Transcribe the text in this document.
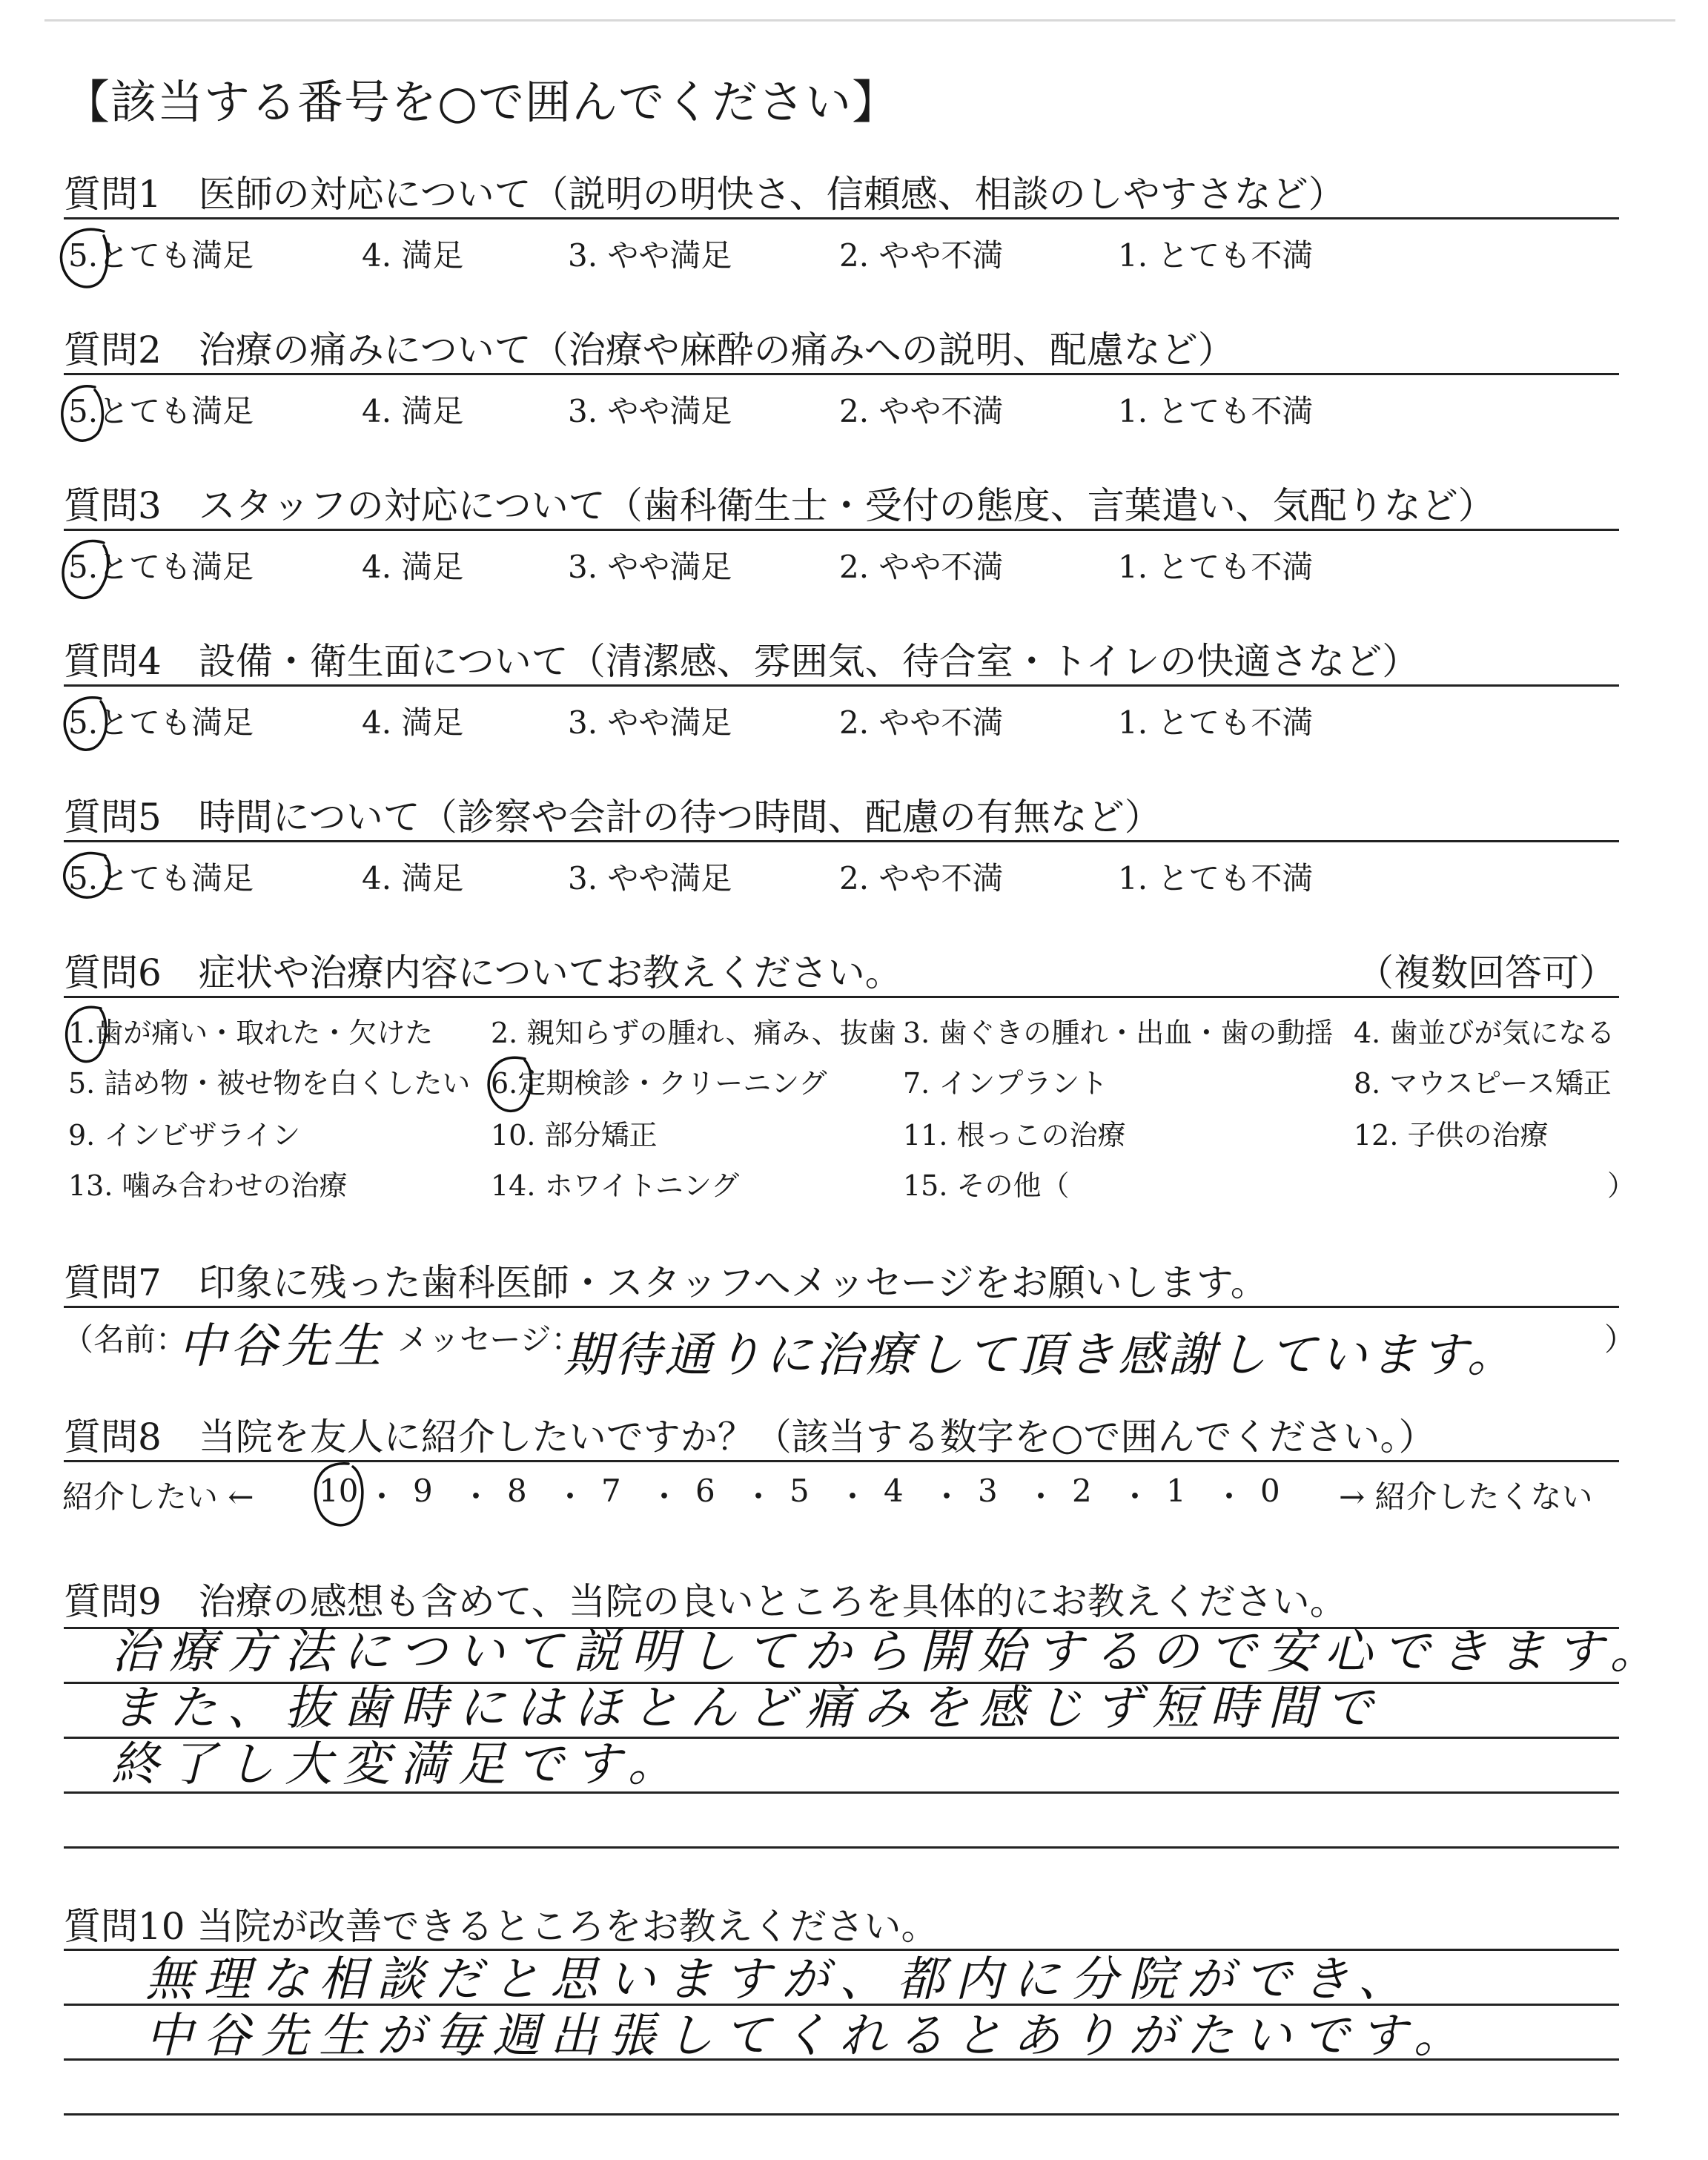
【該当する番号を○で囲んでください】
質問1　医師の対応について（説明の明快さ、信頼感、相談のしやすさなど）
5.とても満足	4. 満足	3. やや満足	2. やや不満	1. とても不満
質問2　治療の痛みについて（治療や麻酔の痛みへの説明、配慮など）
5.とても満足	4. 満足	3. やや満足	2. やや不満	1. とても不満
質問3　スタッフの対応について（歯科衛生士・受付の態度、言葉遣い、気配りなど）
5.とても満足	4. 満足	3. やや満足	2. やや不満	1. とても不満
質問4　設備・衛生面について（清潔感、雰囲気、待合室・トイレの快適さなど）
5.とても満足	4. 満足	3. やや満足	2. やや不満	1. とても不満
質問5　時間について（診察や会計の待つ時間、配慮の有無など）
5.とても満足	4. 満足	3. やや満足	2. やや不満	1. とても不満
質問6　症状や治療内容についてお教えください。	（複数回答可）
1.歯が痛い・取れた・欠けた 2. 親知らずの腫れ、痛み、抜歯 3. 歯ぐきの腫れ・出血・歯の動揺 4. 歯並びが気になる
5. 詰め物・被せ物を白くしたい 6.定期検診・クリーニング	7. インプラント	8. マウスピース矯正
9. インビザライン	10. 部分矯正	11. 根っこの治療	12. 子供の治療
13. 噛み合わせの治療	14. ホワイトニング	15. その他（	）
質問7　印象に残った歯科医師・スタッフへメッセージをお願いします。
（名前：
中谷先生 メッセージ：
期待通りに治療して頂き感謝しています。	）
質問8　当院を友人に紹介したいですか？（該当する数字を○で囲んでください。）
紹介したい ← 10 ・ 9 ・ 8 ・ 7 ・ 6 ・ 5 ・ 4 ・ 3 ・ 2 ・ 1 ・ 0 → 紹介したくない
質問9　治療の感想も含めて、当院の良いところを具体的にお教えください。
治療方法について説明してから開始するので安心できます。
また、抜歯時にはほとんど痛みを感じず短時間で
終了し大変満足です。
質問10 当院が改善できるところをお教えください。
無理な相談だと思いますが、都内に分院ができ、
中谷先生が毎週出張してくれるとありがたいです。
